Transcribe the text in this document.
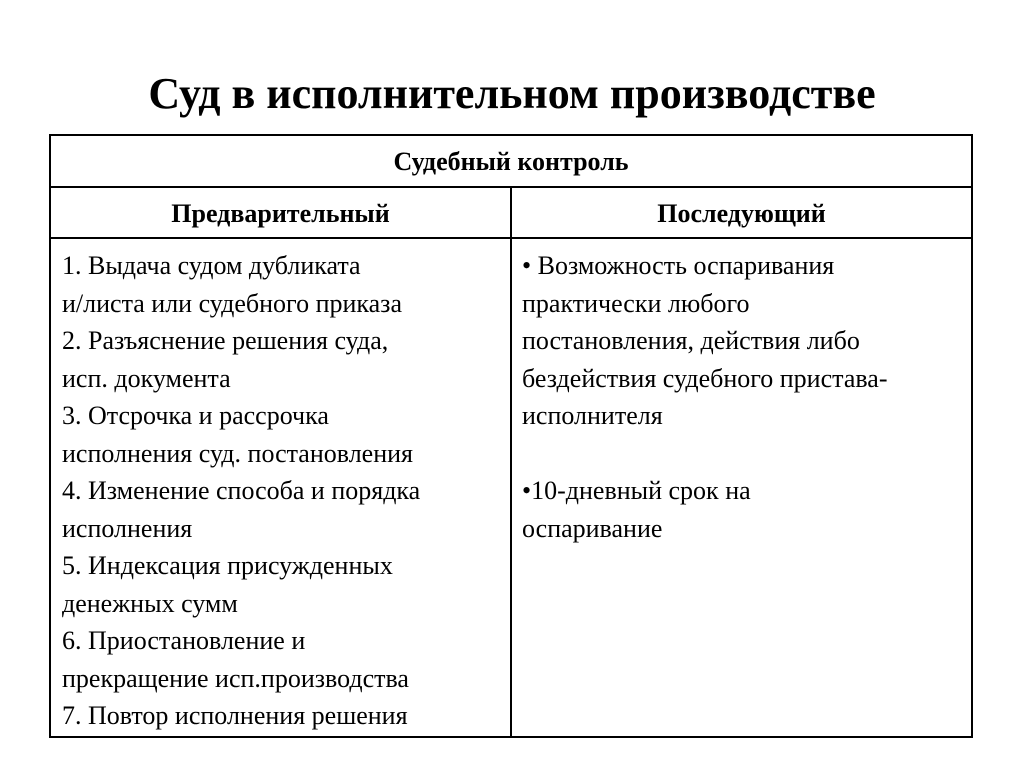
Суд в исполнительном производстве
Судебный контроль
Предварительный	Последующий
1. Выдача судом дубликата
и/листа или судебного приказа
2. Разъяснение решения суда,
исп. документа
3. Отсрочка и рассрочка
исполнения суд. постановления
4. Изменение способа и порядка
исполнения
5. Индексация присужденных
денежных сумм
6. Приостановление и
прекращение исп.производства
7. Повтор исполнения решения
• Возможность оспаривания
практически любого
постановления, действия либо
бездействия судебного пристава-
исполнителя
•10-дневный срок на
оспаривание
